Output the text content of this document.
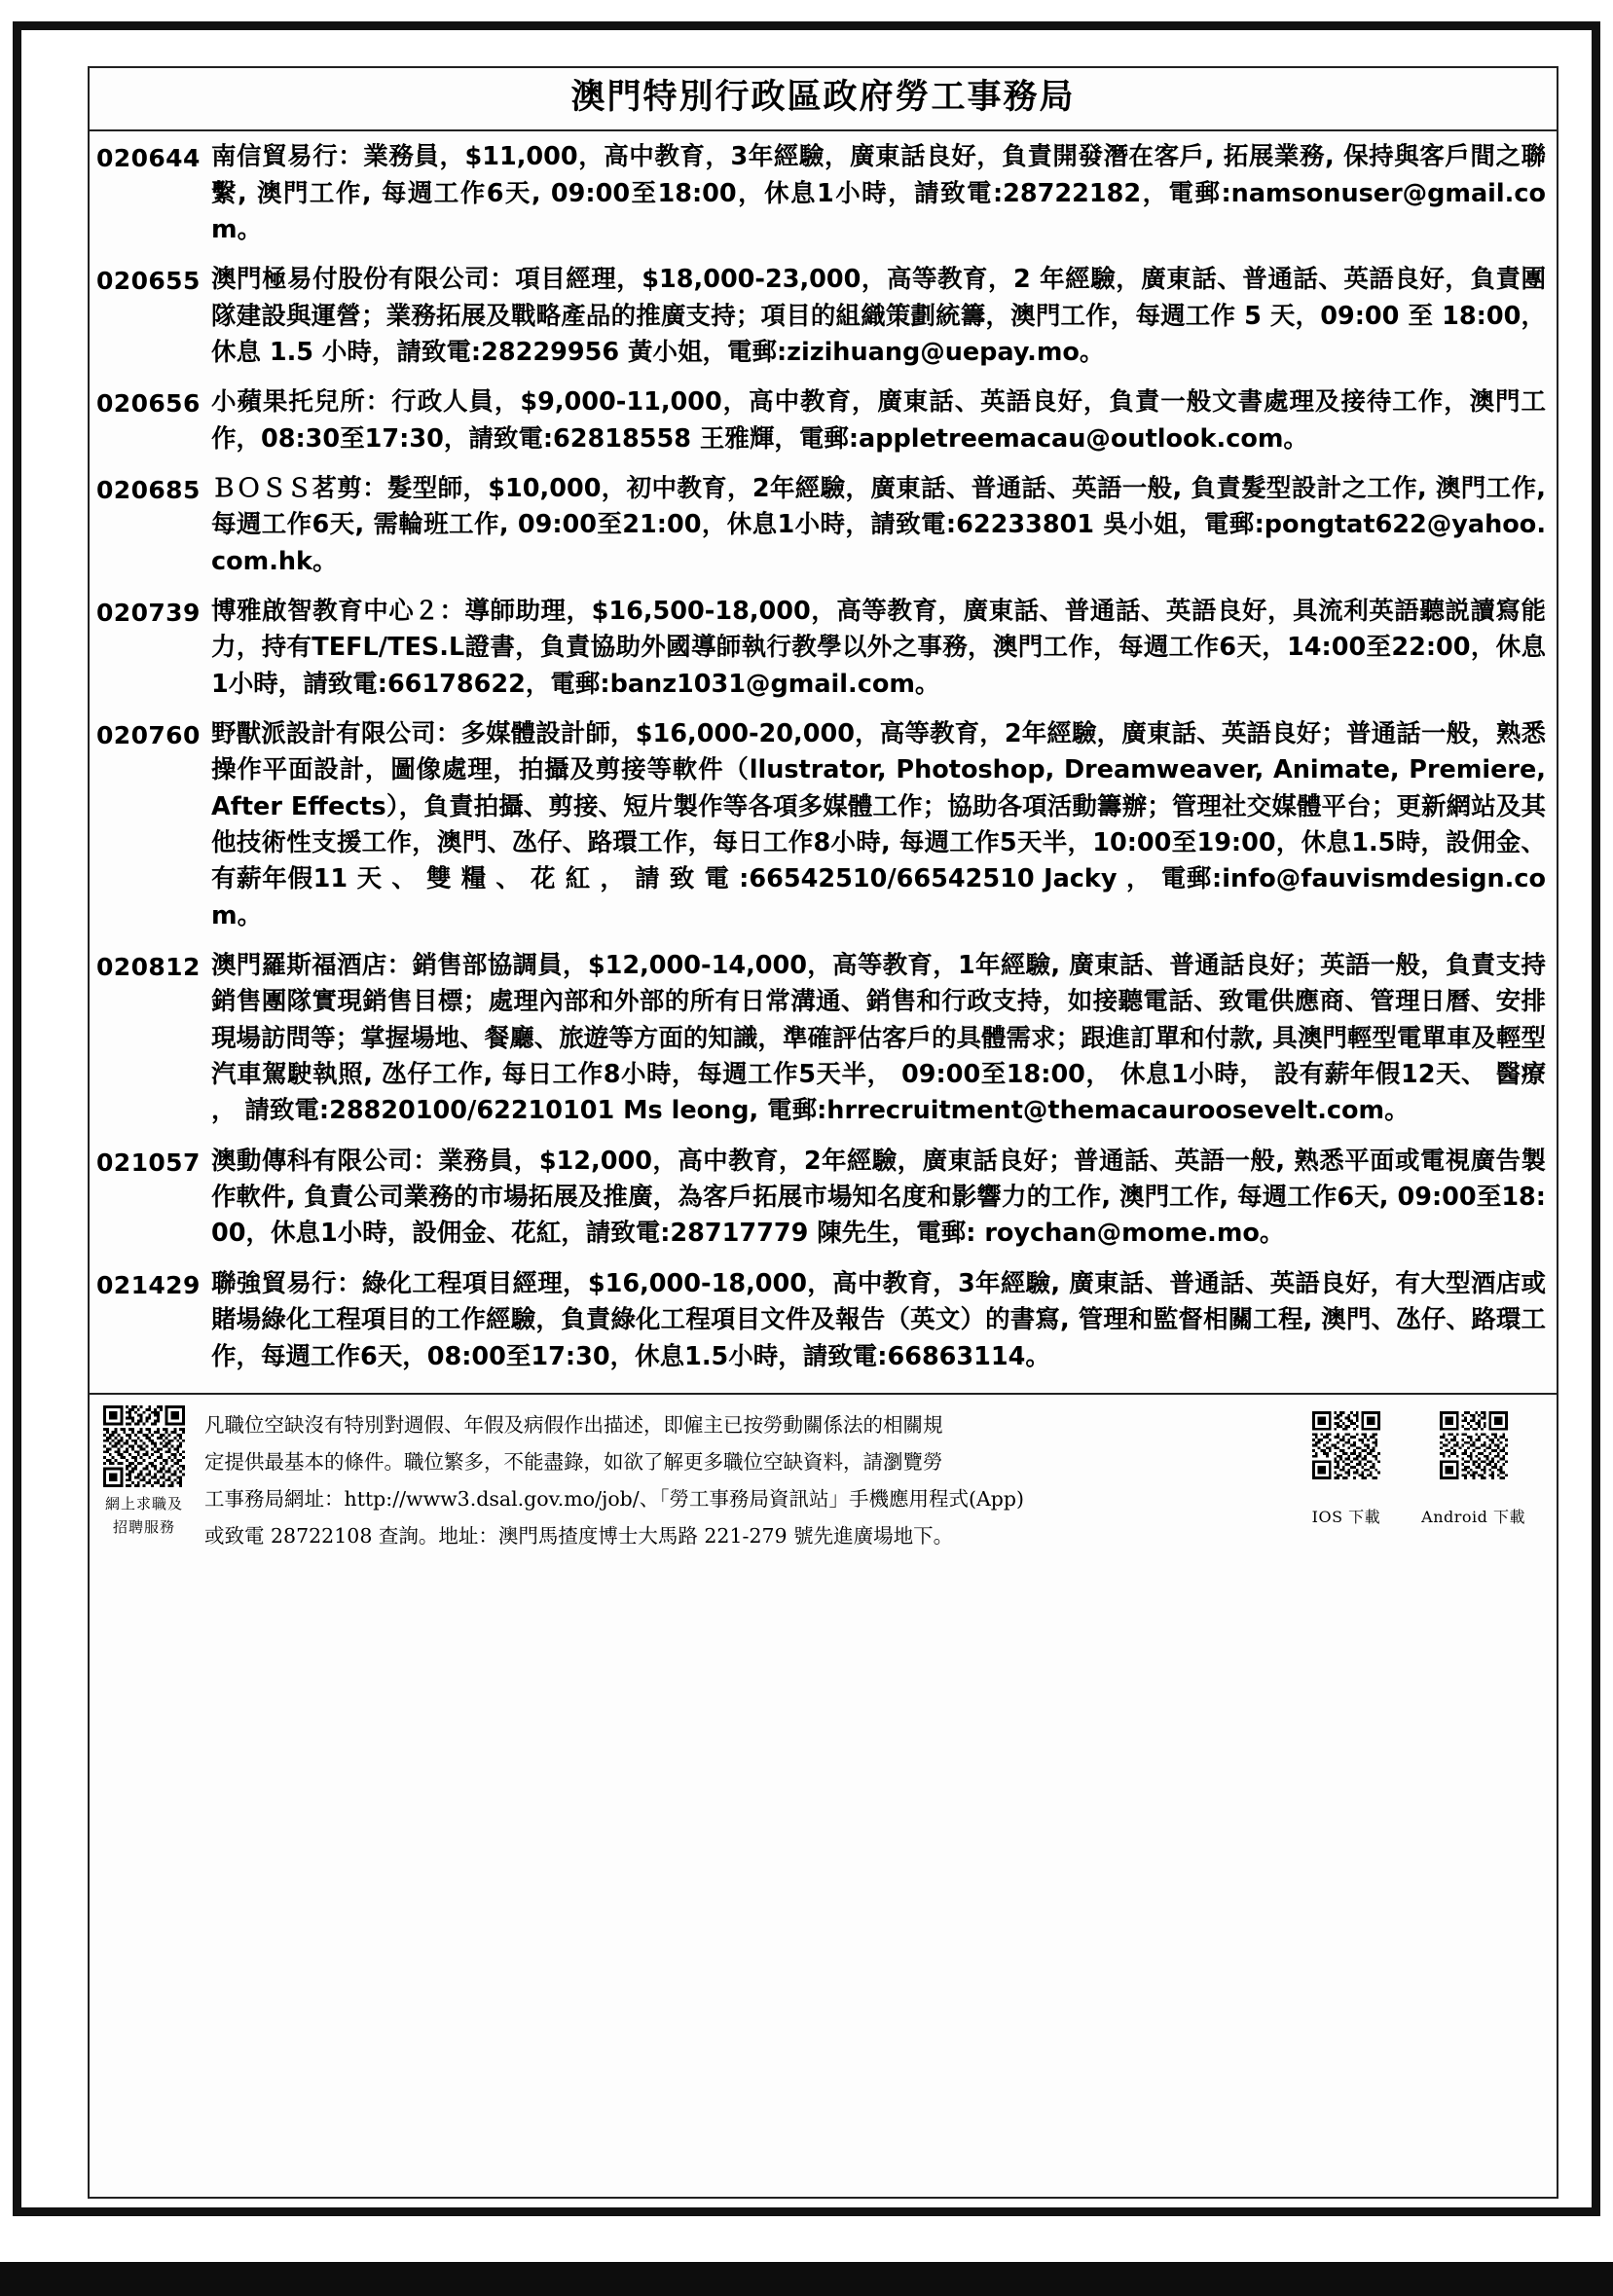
澳門特別行政區政府勞工事務局
020644 南信貿易行：業務員，$11,000，高中教育，3年經驗，廣東話良好，負責開發潛在客戶, 拓展業務, 保持與客戶間之聯繫, 澳門工作, 每週工作6天, 09:00至18:00，休息1小時，請致電:28722182，電郵:namsonuser@gmail.com。
020655 澳門極易付股份有限公司：項目經理，$18,000-23,000，高等教育，2 年經驗，廣東話、普通話、英語良好，負責團隊建設與運營；業務拓展及戰略產品的推廣支持；項目的組織策劃統籌，澳門工作，每週工作 5 天，09:00 至 18:00，休息 1.5 小時，請致電:28229956 黃小姐，電郵:zizihuang@uepay.mo。
020656 小蘋果托兒所：行政人員，$9,000-11,000，高中教育，廣東話、英語良好，負責一般文書處理及接待工作，澳門工作，08:30至17:30，請致電:62818558 王雅輝，電郵:appletreemacau@outlook.com。
020685 ＢＯＳＳ茗剪：髮型師，$10,000，初中教育，2年經驗，廣東話、普通話、英語一般, 負責髮型設計之工作, 澳門工作, 每週工作6天, 需輪班工作, 09:00至21:00，休息1小時，請致電:62233801 吳小姐，電郵:pongtat622@yahoo.com.hk。
020739 博雅啟智教育中心２：導師助理，$16,500-18,000，高等教育，廣東話、普通話、英語良好，具流利英語聽説讀寫能力，持有TEFL/TES.L證書，負責協助外國導師執行教學以外之事務，澳門工作，每週工作6天，14:00至22:00，休息1小時，請致電:66178622，電郵:banz1031@gmail.com。
020760 野獸派設計有限公司：多媒體設計師，$16,000-20,000，高等教育，2年經驗，廣東話、英語良好；普通話一般，熟悉操作平面設計，圖像處理，拍攝及剪接等軟件（llustrator, Photoshop, Dreamweaver, Animate, Premiere, After Effects），負責拍攝、剪接、短片製作等各項多媒體工作；協助各項活動籌辦；管理社交媒體平台；更新網站及其他技術性支援工作，澳門、氹仔、路環工作，每日工作8小時, 每週工作5天半，10:00至19:00，休息1.5時，設佣金、有薪年假11 天 、 雙 糧 、 花 紅 ， 請 致 電 :66542510/66542510 Jacky ， 電郵:info@fauvismdesign.com。
020812 澳門羅斯福酒店：銷售部協調員，$12,000-14,000，高等教育，1年經驗, 廣東話、普通話良好；英語一般，負責支持銷售團隊實現銷售目標；處理內部和外部的所有日常溝通、銷售和行政支持，如接聽電話、致電供應商、管理日曆、安排現場訪問等；掌握場地、餐廳、旅遊等方面的知識，準確評估客戶的具體需求；跟進訂單和付款, 具澳門輕型電單車及輕型汽車駕駛執照, 氹仔工作, 每日工作8小時，每週工作5天半， 09:00至18:00， 休息1小時， 設有薪年假12天、 醫療 ， 請致電:28820100/62210101 Ms leong, 電郵:hrrecruitment@themacauroosevelt.com。
021057 澳動傳科有限公司：業務員，$12,000，高中教育，2年經驗，廣東話良好；普通話、英語一般, 熟悉平面或電視廣告製作軟件, 負責公司業務的市場拓展及推廣，為客戶拓展市場知名度和影響力的工作, 澳門工作, 每週工作6天, 09:00至18:00，休息1小時，設佣金、花紅，請致電:28717779 陳先生，電郵: roychan@mome.mo。
021429 聯強貿易行：綠化工程項目經理，$16,000-18,000，高中教育，3年經驗, 廣東話、普通話、英語良好，有大型酒店或賭場綠化工程項目的工作經驗，負責綠化工程項目文件及報告（英文）的書寫, 管理和監督相關工程, 澳門、氹仔、路環工作，每週工作6天，08:00至17:30，休息1.5小時，請致電:66863114。
網上求職及
招聘服務

凡職位空缺沒有特別對週假、年假及病假作出描述，即僱主已按勞動關係法的相關規

定提供最基本的條件。職位繁多，不能盡錄，如欲了解更多職位空缺資料，請瀏覽勞

工事務局網址：http://www3.dsal.gov.mo/job/、「勞工事務局資訊站」手機應用程式(App)

或致電 28722108 查詢。地址：澳門馬揸度博士大馬路 221-279 號先進廣場地下。

IOS 下載	Android 下載
